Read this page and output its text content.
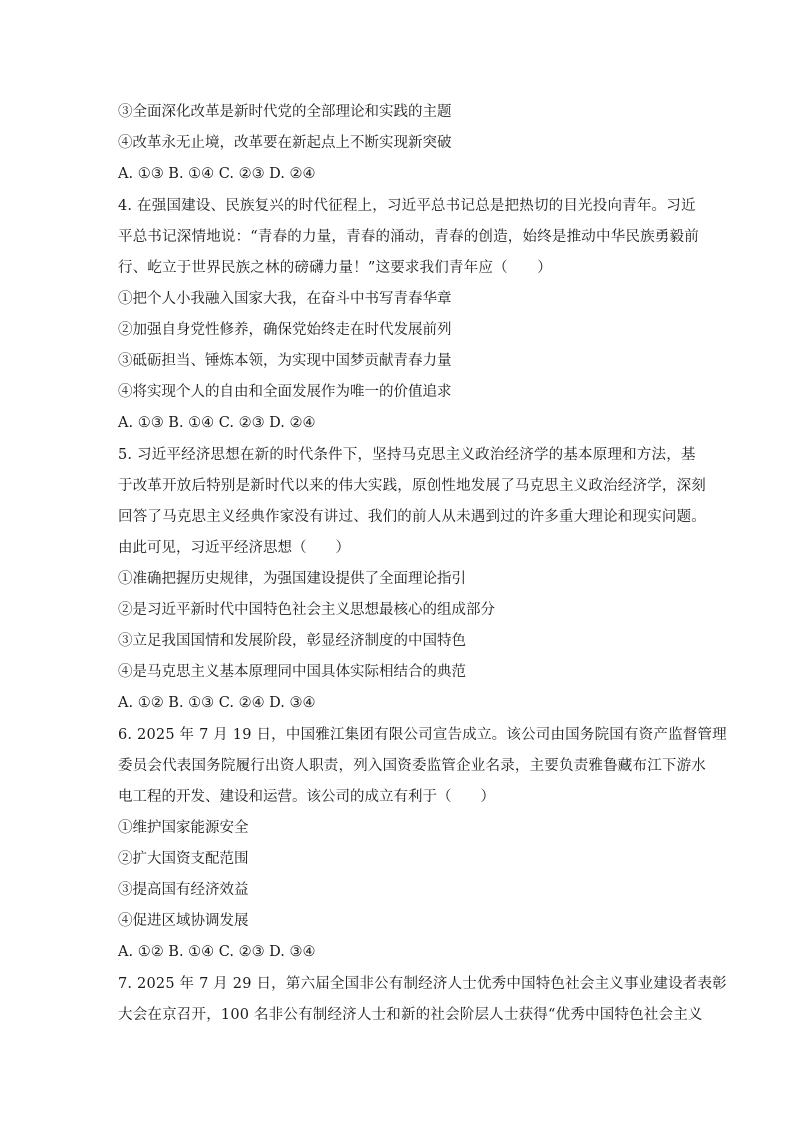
③全面深化改革是新时代党的全部理论和实践的主题
④改革永无止境，改革要在新起点上不断实现新突破
A. ①③ B. ①④ C. ②③ D. ②④
4. 在强国建设、民族复兴的时代征程上，习近平总书记总是把热切的目光投向青年。习近
平总书记深情地说：“青春的力量，青春的涌动，青春的创造，始终是推动中华民族勇毅前
行、屹立于世界民族之林的磅礴力量！”这要求我们青年应（　　）
①把个人小我融入国家大我，在奋斗中书写青春华章
②加强自身党性修养，确保党始终走在时代发展前列
③砥砺担当、锤炼本领，为实现中国梦贡献青春力量
④将实现个人的自由和全面发展作为唯一的价值追求
A. ①③ B. ①④ C. ②③ D. ②④
5. 习近平经济思想在新的时代条件下，坚持马克思主义政治经济学的基本原理和方法，基
于改革开放后特别是新时代以来的伟大实践，原创性地发展了马克思主义政治经济学，深刻
回答了马克思主义经典作家没有讲过、我们的前人从未遇到过的许多重大理论和现实问题。
由此可见，习近平经济思想（　　）
①准确把握历史规律，为强国建设提供了全面理论指引
②是习近平新时代中国特色社会主义思想最核心的组成部分
③立足我国国情和发展阶段，彰显经济制度的中国特色
④是马克思主义基本原理同中国具体实际相结合的典范
A. ①② B. ①③ C. ②④ D. ③④
6. 2025 年 7 月 19 日，中国雅江集团有限公司宣告成立。该公司由国务院国有资产监督管理
委员会代表国务院履行出资人职责，列入国资委监管企业名录，主要负责雅鲁藏布江下游水
电工程的开发、建设和运营。该公司的成立有利于（　　）
①维护国家能源安全
②扩大国资支配范围
③提高国有经济效益
④促进区域协调发展
A. ①② B. ①④ C. ②③ D. ③④
7. 2025 年 7 月 29 日，第六届全国非公有制经济人士优秀中国特色社会主义事业建设者表彰
大会在京召开，100 名非公有制经济人士和新的社会阶层人士获得“优秀中国特色社会主义
